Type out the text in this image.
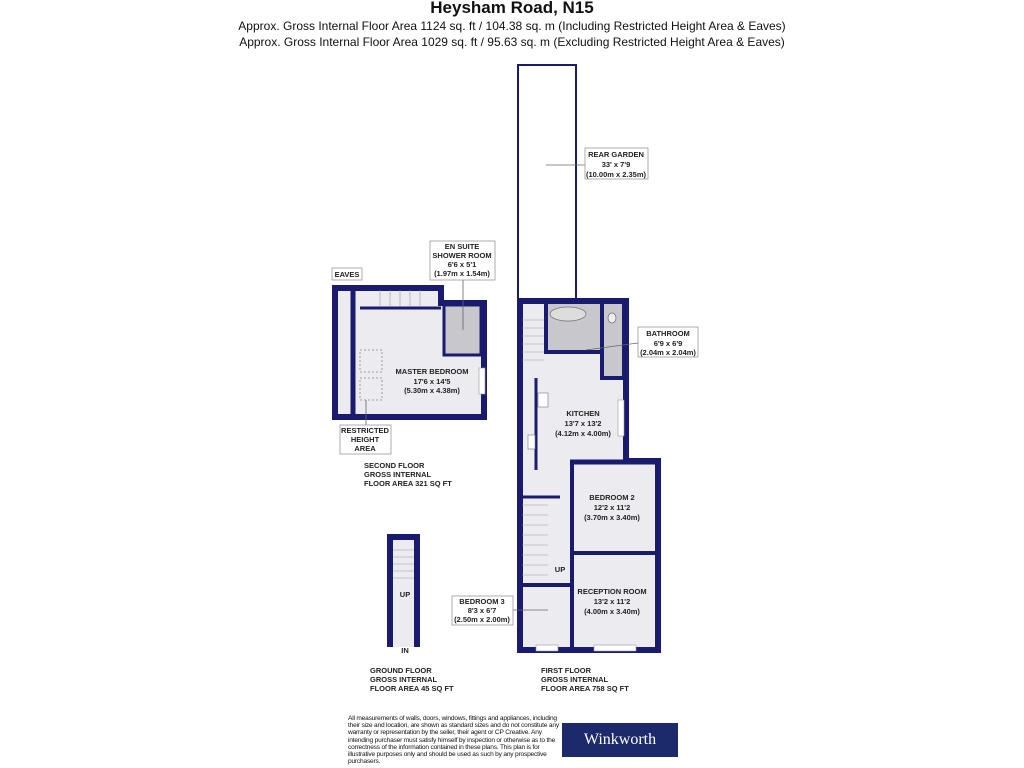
Heysham Road, N15
Approx. Gross Internal Floor Area 1124 sq. ft / 104.38 sq. m (Including Restricted Height Area & Eaves)
Approx. Gross Internal Floor Area 1029 sq. ft / 95.63 sq. m (Excluding Restricted Height Area & Eaves)
REAR GARDEN
33' x 7'9
(10.00m x 2.35m)
KITCHEN
13'7 x 13'2
(4.12m x 4.00m)
BEDROOM 2
12'2 x 11'2
(3.70m x 3.40m)
RECEPTION ROOM
13'2 x 11'2
(4.00m x 3.40m)
UP
BATHROOM
6'9 x 6'9
(2.04m x 2.04m)
BEDROOM 3
8'3 x 6'7
(2.50m x 2.00m)
FIRST FLOOR
GROSS INTERNAL
FLOOR AREA 758 SQ FT
MASTER BEDROOM
17'6 x 14'5
(5.30m x 4.38m)
EN SUITE
SHOWER ROOM
6'6 x 5'1
(1.97m x 1.54m)
EAVES
RESTRICTED
HEIGHT
AREA
SECOND FLOOR
GROSS INTERNAL
FLOOR AREA 321 SQ FT
UP
IN
GROUND FLOOR
GROSS INTERNAL
FLOOR AREA 45 SQ FT
All measurements of walls, doors, windows, fittings and appliances, including their size and location, are shown as standard sizes and do not constitute any warranty or representation by the seller, their agent or CP Creative. Any intending purchaser must satisfy himself by inspection or otherwise as to the correctness of the information contained in these plans. This plan is for illustrative purposes only and should be used as such by any prospective purchasers.
Winkworth
